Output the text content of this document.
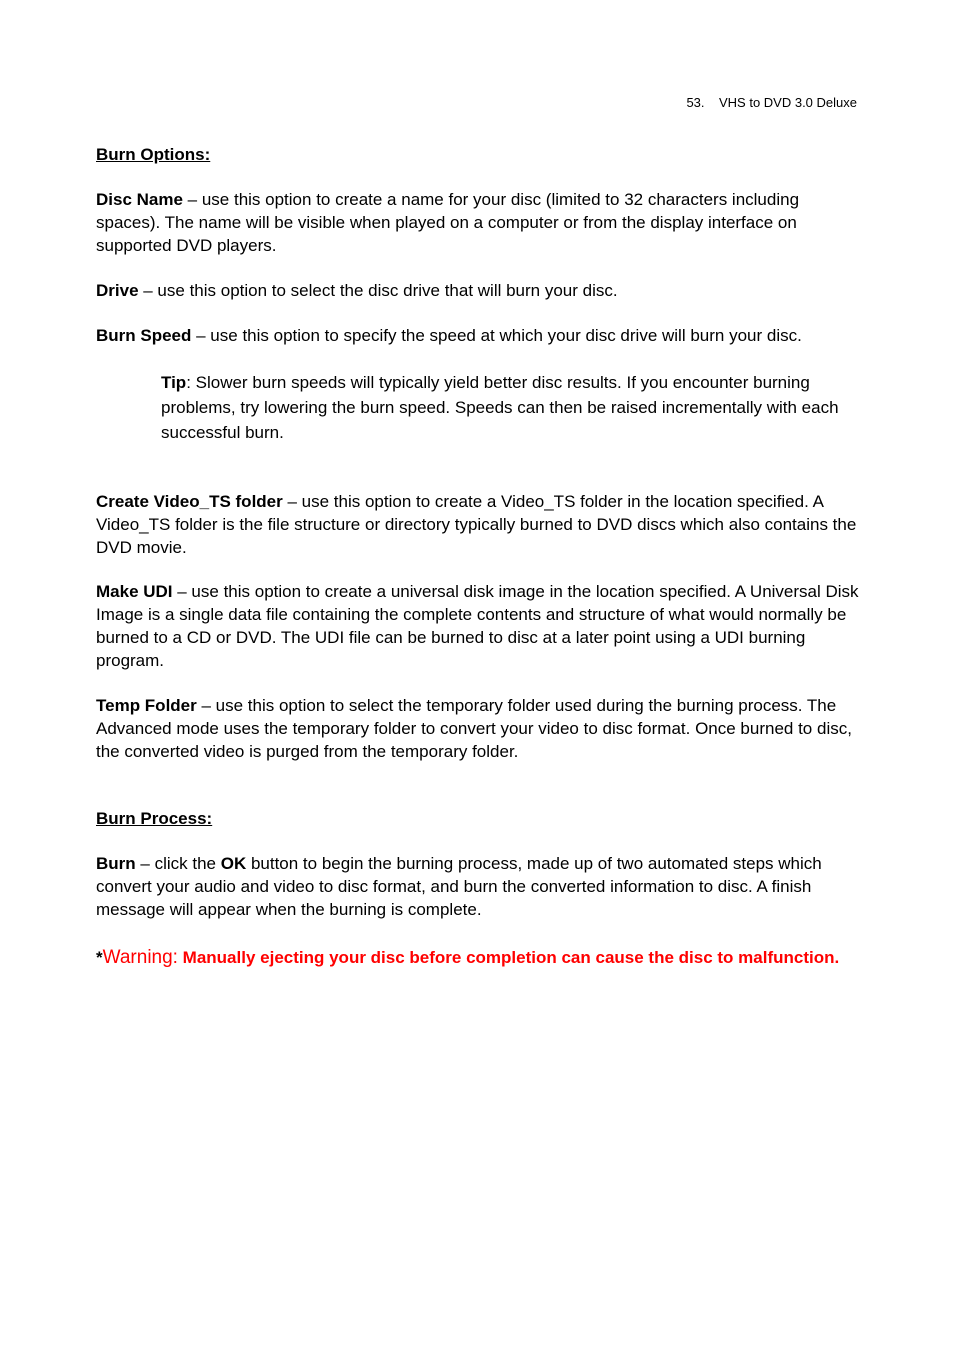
53. VHS to DVD 3.0 Deluxe
Burn Options:

Disc Name – use this option to create a name for your disc (limited to 32 characters including spaces). The name will be visible when played on a computer or from the display interface on supported DVD players.

Drive – use this option to select the disc drive that will burn your disc.

Burn Speed – use this option to specify the speed at which your disc drive will burn your disc.

Tip: Slower burn speeds will typically yield better disc results. If you encounter burning problems, try lowering the burn speed. Speeds can then be raised incrementally with each successful burn.

Create Video_TS folder – use this option to create a Video_TS folder in the location specified. A Video_TS folder is the file structure or directory typically burned to DVD discs which also contains the DVD movie.

Make UDI – use this option to create a universal disk image in the location specified. A Universal Disk Image is a single data file containing the complete contents and structure of what would normally be burned to a CD or DVD. The UDI file can be burned to disc at a later point using a UDI burning program.

Temp Folder – use this option to select the temporary folder used during the burning process. The Advanced mode uses the temporary folder to convert your video to disc format. Once burned to disc, the converted video is purged from the temporary folder.

Burn Process:

Burn – click the OK button to begin the burning process, made up of two automated steps which convert your audio and video to disc format, and burn the converted information to disc. A finish message will appear when the burning is complete.

*Warning: Manually ejecting your disc before completion can cause the disc to malfunction.
